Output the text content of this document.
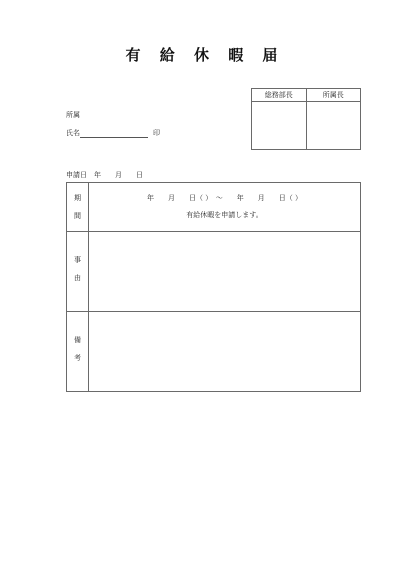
有 給 休 暇 届
総務部長	所属長
所属
氏名	印
申請日　年　　月　　日
期
間
年　　月　　日（ ）　～　　年　　月　　日（ ）
有給休暇を申請します。
事
由
備
考
